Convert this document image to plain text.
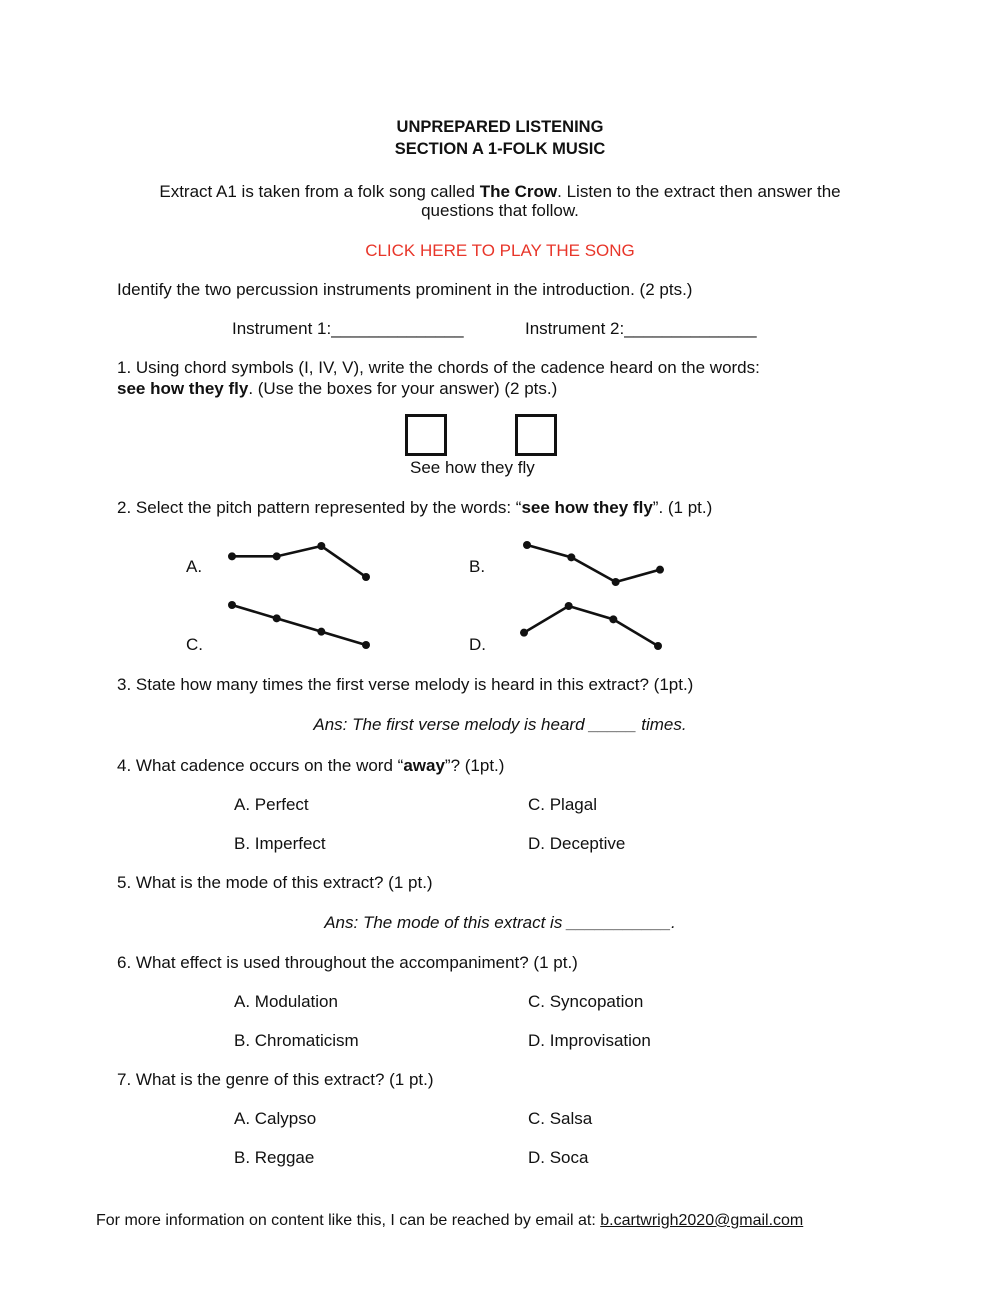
UNPREPARED LISTENING
SECTION A 1-FOLK MUSIC
Extract A1 is taken from a folk song called The Crow. Listen to the extract then answer the
questions that follow.
CLICK HERE TO PLAY THE SONG
Identify the two percussion instruments prominent in the introduction. (2 pts.)
Instrument 1:______________	Instrument 2:______________
1. Using chord symbols (I, IV, V), write the chords of the cadence heard on the words:
see how they fly. (Use the boxes for your answer) (2 pts.)
See how they fly
2. Select the pitch pattern represented by the words: “see how they fly”. (1 pt.)
A.	B.
C.	D.
3. State how many times the first verse melody is heard in this extract? (1pt.)
Ans: The first verse melody is heard _____ times.
4. What cadence occurs on the word “away”? (1pt.)
A. Perfect	C. Plagal
B. Imperfect	D. Deceptive
5. What is the mode of this extract? (1 pt.)
Ans: The mode of this extract is ___________.
6. What effect is used throughout the accompaniment? (1 pt.)
A. Modulation	C. Syncopation
B. Chromaticism	D. Improvisation
7. What is the genre of this extract? (1 pt.)
A. Calypso	C. Salsa
B. Reggae	D. Soca
For more information on content like this, I can be reached by email at: b.cartwrigh2020@gmail.com
